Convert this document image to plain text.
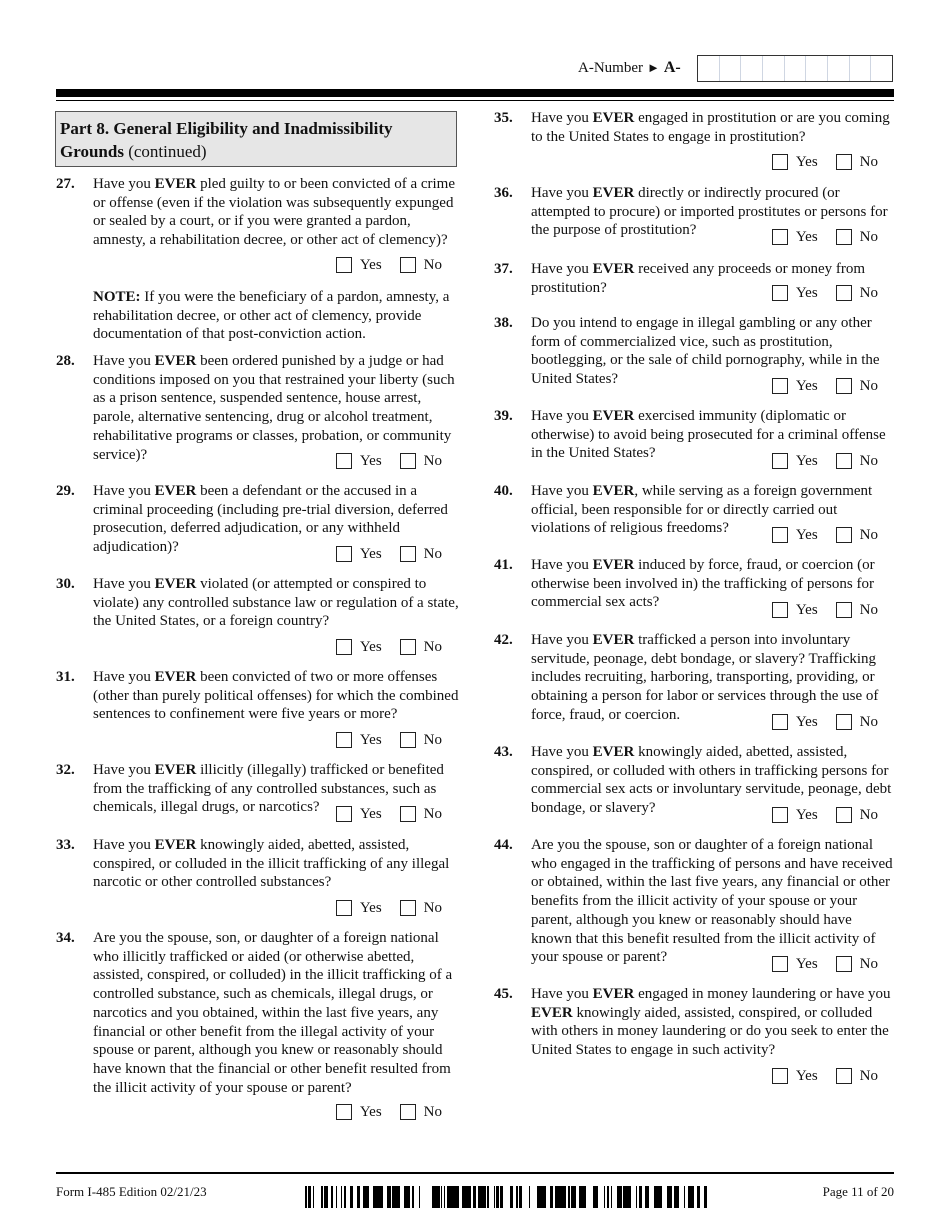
A-Number ► A-
Part 8. General Eligibility and Inadmissibility Grounds (continued)
27. Have you EVER pled guilty to or been convicted of a crime or offense (even if the violation was subsequently expunged or sealed by a court, or if you were granted a pardon, amnesty, a rehabilitation decree, or other act of clemency)?
Yes	No
NOTE: If you were the beneficiary of a pardon, amnesty, a rehabilitation decree, or other act of clemency, provide documentation of that post-conviction action.
28. Have you EVER been ordered punished by a judge or had conditions imposed on you that restrained your liberty (such as a prison sentence, suspended sentence, house arrest, parole, alternative sentencing, drug or alcohol treatment, rehabilitative programs or classes, probation, or community service)?	Yes	No
29. Have you EVER been a defendant or the accused in a criminal proceeding (including pre-trial diversion, deferred prosecution, deferred adjudication, or any withheld adjudication)?	Yes	No
30. Have you EVER violated (or attempted or conspired to violate) any controlled substance law or regulation of a state, the United States, or a foreign country?
Yes	No
31. Have you EVER been convicted of two or more offenses (other than purely political offenses) for which the combined sentences to confinement were five years or more?
Yes	No
32. Have you EVER illicitly (illegally) trafficked or benefited from the trafficking of any controlled substances, such as chemicals, illegal drugs, or narcotics?	Yes	No
33. Have you EVER knowingly aided, abetted, assisted, conspired, or colluded in the illicit trafficking of any illegal narcotic or other controlled substances?
Yes	No
34. Are you the spouse, son, or daughter of a foreign national who illicitly trafficked or aided (or otherwise abetted, assisted, conspired, or colluded) in the illicit trafficking of a controlled substance, such as chemicals, illegal drugs, or narcotics and you obtained, within the last five years, any financial or other benefit from the illegal activity of your spouse or parent, although you knew or reasonably should have known that the financial or other benefit resulted from the illicit activity of your spouse or parent?
Yes	No
35. Have you EVER engaged in prostitution or are you coming to the United States to engage in prostitution?
Yes	No
36. Have you EVER directly or indirectly procured (or attempted to procure) or imported prostitutes or persons for the purpose of prostitution?	Yes	No
37. Have you EVER received any proceeds or money from prostitution?	Yes	No
38. Do you intend to engage in illegal gambling or any other form of commercialized vice, such as prostitution, bootlegging, or the sale of child pornography, while in the United States?	Yes	No
39. Have you EVER exercised immunity (diplomatic or otherwise) to avoid being prosecuted for a criminal offense in the United States?	Yes	No
40. Have you EVER, while serving as a foreign government official, been responsible for or directly carried out violations of religious freedoms?	Yes	No
41. Have you EVER induced by force, fraud, or coercion (or otherwise been involved in) the trafficking of persons for commercial sex acts?	Yes	No
42. Have you EVER trafficked a person into involuntary servitude, peonage, debt bondage, or slavery? Trafficking includes recruiting, harboring, transporting, providing, or obtaining a person for labor or services through the use of force, fraud, or coercion.	Yes	No
43. Have you EVER knowingly aided, abetted, assisted, conspired, or colluded with others in trafficking persons for commercial sex acts or involuntary servitude, peonage, debt bondage, or slavery?	Yes	No
44. Are you the spouse, son or daughter of a foreign national who engaged in the trafficking of persons and have received or obtained, within the last five years, any financial or other benefits from the illicit activity of your spouse or your parent, although you knew or reasonably should have known that this benefit resulted from the illicit activity of your spouse or parent?	Yes	No
45. Have you EVER engaged in money laundering or have you EVER knowingly aided, assisted, conspired, or colluded with others in money laundering or do you seek to enter the United States to engage in such activity?
Yes	No
Form I-485 Edition 02/21/23	Page 11 of 20
